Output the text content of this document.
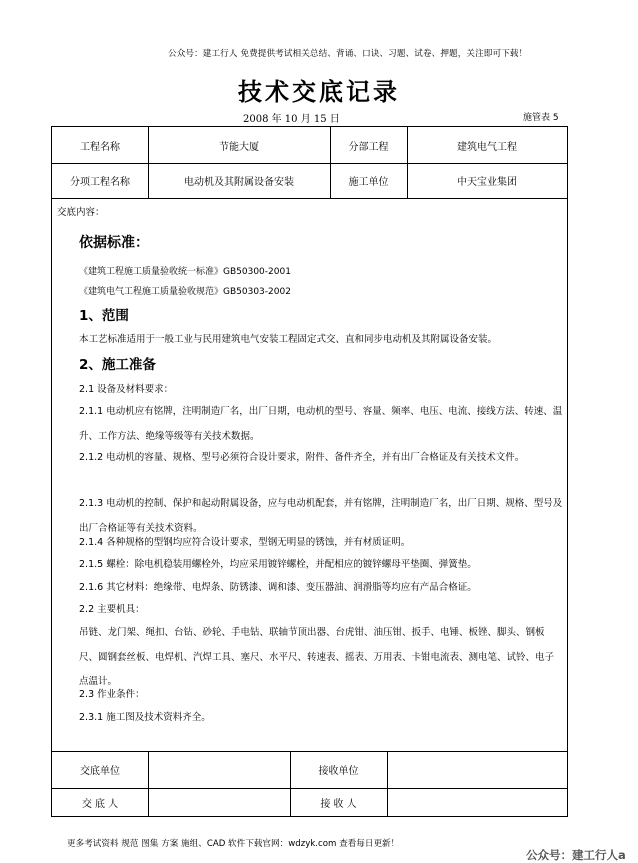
公众号：建工行人 免费提供考试相关总结、背诵、口诀、习题、试卷、押题，关注即可下载！
技术交底记录
2008 年 10 月 15 日	施管表 5
工程名称	节能大厦	分部工程	建筑电气工程
分项工程名称	电动机及其附属设备安装	施工单位	中天宝业集团
交底单位	接收单位
交 底 人	接 收 人
交底内容：
依据标准：
《建筑工程施工质量验收统一标准》GB50300-2001
《建筑电气工程施工质量验收规范》GB50303-2002
1、范围
本工艺标准适用于一般工业与民用建筑电气安装工程固定式交、直和同步电动机及其附属设备安装。
2、施工准备
2.1 设备及材料要求：
2.1.1 电动机应有铭牌，注明制造厂名，出厂日期，电动机的型号、容量、频率、电压、电流、接线方法、转速、温升、工作方法、绝缘等级等有关技术数据。
2.1.2 电动机的容量、规格、型号必须符合设计要求，附件、备件齐全，并有出厂合格证及有关技术文件。
2.1.3 电动机的控制、保护和起动附属设备，应与电动机配套，并有铭牌，注明制造厂名，出厂日期、规格、型号及出厂合格证等有关技术资料。
2.1.4 各种规格的型钢均应符合设计要求，型钢无明显的锈蚀，并有材质证明。
2.1.5 螺栓：除电机稳装用螺栓外，均应采用镀锌螺栓，并配相应的镀锌螺母平垫圈、弹簧垫。
2.1.6 其它材料：绝缘带、电焊条、防锈漆、调和漆、变压器油、润滑脂等均应有产品合格证。
2.2 主要机具：
吊链、龙门架、绳扣、台钻、砂轮、手电钻、联轴节顶出器、台虎钳、油压钳、扳手、电锤、板锉、脚头、钢板尺、圆钢套丝板、电焊机、汽焊工具、塞尺、水平尺、转速表、摇表、万用表、卡钳电流表、测电笔、试铃、电子点温计。
2.3 作业条件：
2.3.1 施工图及技术资料齐全。
更多考试资料 规范 图集 方案 施组、CAD 软件下载官网：wdzyk.com 查看每日更新！
公众号：建工行人a
